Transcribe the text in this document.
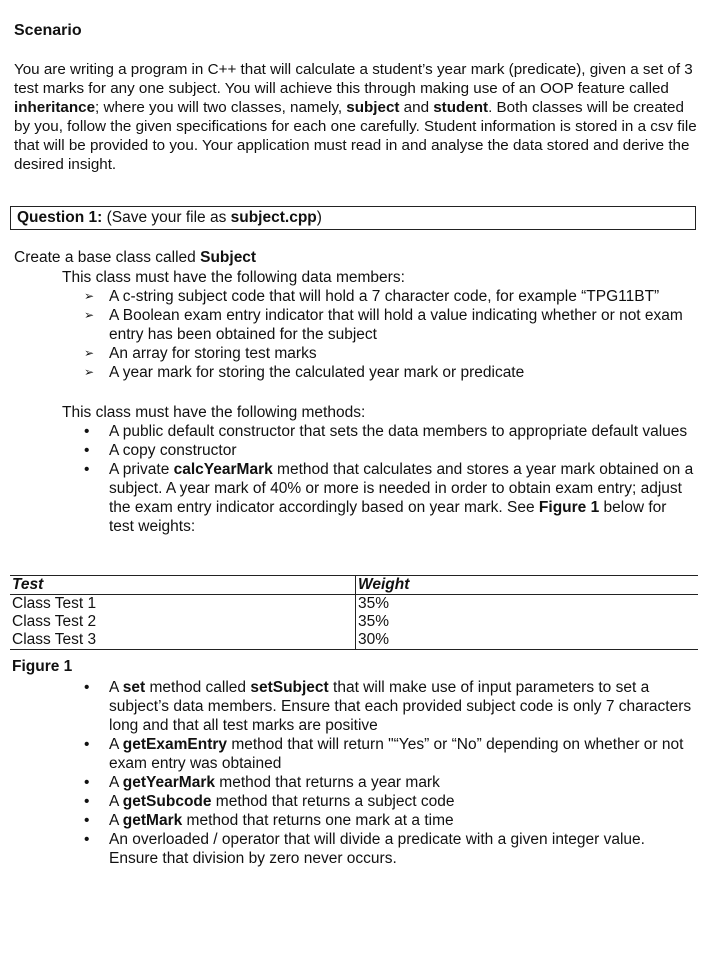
Scenario
You are writing a program in C++ that will calculate a student’s year mark (predicate), given a set of 3 test marks for any one subject. You will achieve this through making use of an OOP feature called inheritance; where you will two classes, namely, subject and student. Both classes will be created by you, follow the given specifications for each one carefully. Student information is stored in a csv file that will be provided to you. Your application must read in and analyse the data stored and derive the desired insight.
Question 1: (Save your file as subject.cpp)
Create a base class called Subject
This class must have the following data members:
➢ A c-string subject code that will hold a 7 character code, for example “TPG11BT”
➢ A Boolean exam entry indicator that will hold a value indicating whether or not exam entry has been obtained for the subject
➢ An array for storing test marks
➢ A year mark for storing the calculated year mark or predicate
This class must have the following methods:
•	A public default constructor that sets the data members to appropriate default values
•	A copy constructor
•	A private calcYearMark method that calculates and stores a year mark obtained on a subject. A year mark of 40% or more is needed in order to obtain exam entry; adjust the exam entry indicator accordingly based on year mark. See Figure 1 below for test weights:
Test	Weight
Class Test 1	35%
Class Test 2	35%
Class Test 3	30%
Figure 1
•	A set method called setSubject that will make use of input parameters to set a subject’s data members. Ensure that each provided subject code is only 7 characters long and that all test marks are positive
•	A getExamEntry method that will return "“Yes” or “No” depending on whether or not exam entry was obtained
•	A getYearMark method that returns a year mark
•	A getSubcode method that returns a subject code
•	A getMark method that returns one mark at a time
•	An overloaded / operator that will divide a predicate with a given integer value. Ensure that division by zero never occurs.
